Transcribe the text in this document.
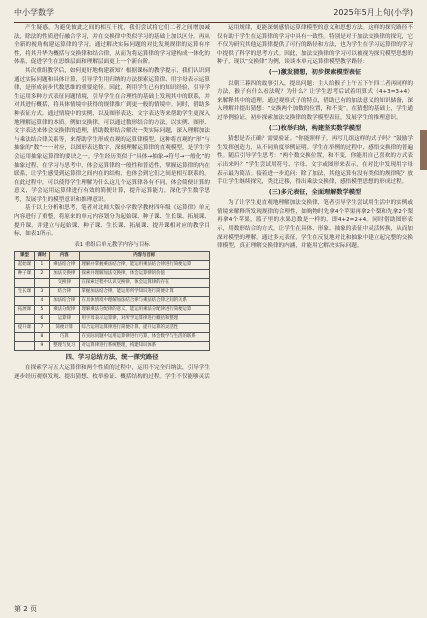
中小学数学	2025年5月上旬(小学)

产生疑惑，为避免彼此之间的相互干扰，我们尝试将它们二者之间增加减法，除法的性质进行融合学习，并在交换律中类似学习的基础上加以区分。再从全新的视角构建运算律的学习，通过解决实际问题的对比发现规律的运算有序性，将其升华为概括与交换律和结合律，从而为将运算律的学习建构成一体化的体系，促进学生在思维层面和理解层面更上一个新台阶。

其次重组教学后，如何更好地构建新知？根据课标的教学提示，我们认识到通过实际问题和具体计算，引导学生用归纳的方法探索运算律、用字母表示运算律，是形成初步代数思维的重要途径。因此，利用学生已有的知识经验，引导学生运用多种方式表征问题情境，引导学生在合理性的基础上发现其中的联系，并对其进行概括，将具体情境中获得的规律推广到更一般的情境中。同时，借助多种表征方式，通过情境中的实例，以及图形表达、文字表达等来帮助学生更深入地理解运算律的本质。例如交换律，可以通过数形结合的方法，以实例、图形、文字表达来体会交换律的道理，借助数形结合解决一类实际问题，深入理解加法与乘法结合律关系等，来帮助学生形成直观的运算律模型。这种将直观的“形”与抽象的“数”一一对应，以图形表达数字，深刻理解运算律的直观模型，是学生学会运用抽象运算律的要诀之一。学生经历类似于“具体→抽象→符号→一般化”的抽象过程，在学习与思考中，体会运算律的一般性和普适性，掌握运算律的内在联系，让学生感受到运算律之间内在的结构，也体会到它们之间是相互联系的。在此过程中，可以使得学生理解为什么这几个运算律各有不同，体会简便计算的意义，学会运用运算律进行有效的简便计算，提升运算能力，深化学生数学思考，发展学生的模型意识和推理意识。

基于以上分析和思考，笔者对北师大版小学数学教材四年级《运算律》单元内容进行了重整，将原来的单元内容划分为起始课、种子课、生长课、拓展课、提升课，并建立与起始课、种子课、生长课、拓展课、提升课相对应的教学目标，如表1所示。

表1 重组后单元教学内容与目标
课型	课时	内容	内容与目标
起始课	1	乘法结合律	理解并掌握乘法结合律，能运用乘法结合律进行简便运算
种子课	2	加法交换律	探索并理解加法交换律，体会运算律的价值
		交换律	在探索过程中认识交换律，体会运算律的存在
生长课	3	结合律	掌握加法结合律，能运用所学知识进行简便计算
	4	加法结合律	在具体情境中理解加法结合律与乘法结合律之间的关系
拓展课	5	乘法分配律	理解乘法分配律的意义，能运用乘法分配律进行简便运算
	6	运算律	用字母表示运算律，对所学运算律进行概括和整理
提升课	7	简便计算	综合运用运算律进行简便计算，提升运算的灵活性
	8	巧算	在实际问题中运用运算律进行巧算，体会数学与生活的联系
	9	整理与复习	对运算律进行系统整理，构建知识体系
四、学习总结方法，统一探究路径

在探索学习五大运算律和两个性质的过程中，运用不完全归纳法，引导学生逐步经历观察发现、提出猜想、枚举验证、概括结构的过程。学生不仅能够灵活

运用规律，更能深刻感悟运算律模型的意义和思想方法。这样的探究路径不仅有助于学生在运算律的学习中具有一致性。特别是对于加法交换律的探究，它不仅为研究其他运算律提供了可行的路径和方法，也为学生在学习运算律的学习中提供了科学的思考方式。因此，加法交换律的学习可以被视为探究模型思想的种子，现以“交换律”为例，谈谈本单元运算律模型教学路径：

(一)激发猜想，初步探索模型表征

以朝三暮四的故事引入，提出问题：主人给猴子上午五下午四二者再同样的方法，猴子有什么看法呢？为什么？让学生思考后试着用算式（4+3=3+4）来解释其中的道理。通过观察式子的特点，借助已有的加法意义的知识储备，深入理解并提出猜想：“交换两个加数的位置，和不变”。在猜想的基础上，学生通过举例验证，初步探索加法交换律的数学模型表征，发展学生的推理意识。

(二)枚举归纳，构建坚实数学模型

猜想是否正确？需要验证。“你能照样子，再写几组这样的式子吗？”鼓励学生发挥创造力，从不同角度举例证明。学生在举例的过程中，感悟交换律的普遍性。随后引导学生思考：“两个数交换位置，和不变，你能用自己喜欢的方式表示出来吗？”学生尝试用符号、字母、文字或图形来表示，在对比中发现用字母表示最为简洁。接着进一步追问：除了加法，其他运算有没有类似的规律呢？放手让学生继续探究，类比迁移，得出乘法交换律，感悟模型思想的形成过程。

(三)多元表征，全面理解数学模型

为了让学生更直观地理解加法交换律，笔者引导学生尝试用生活中的实例或情境来解释所发现规律的合理性，如购物时先拿4个苹果再拿2个梨和先拿2个梨再拿4个苹果，篮子里的水果总数是一样的，即4+2=2+4。同时借助图形表示，用数形结合的方式，让学生在具体、形象、抽象的表征中灵活转换，从而加深对模型的理解。通过多元表征，学生在反复地对比和抽象中建立起完整的交换律模型，真正理解交换律的内涵，并能用它解决实际问题。

第 2 页
